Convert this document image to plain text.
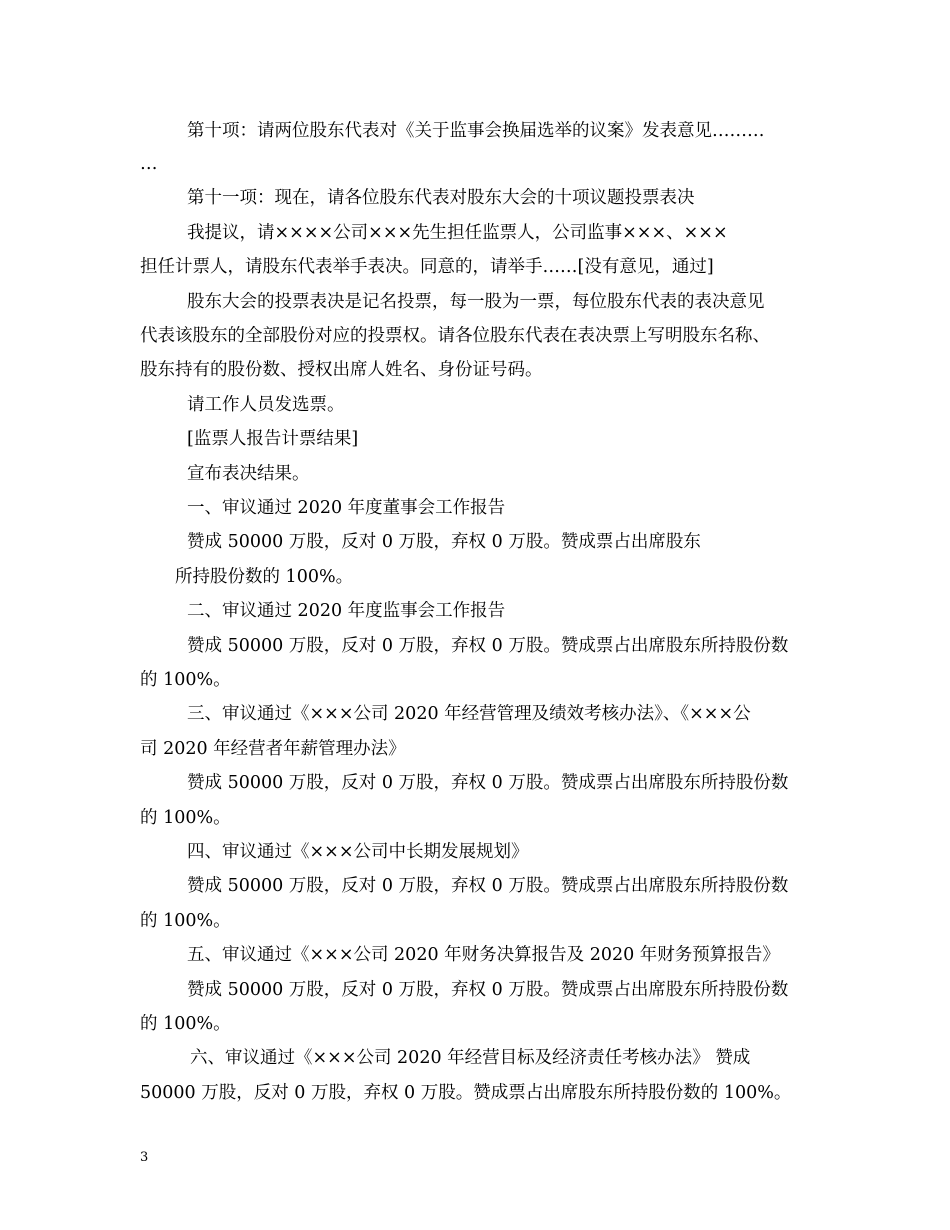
第十项：请两位股东代表对《关于监事会换届选举的议案》发表意见………
…
第十一项：现在，请各位股东代表对股东大会的十项议题投票表决
我提议，请××××公司×××先生担任监票人，公司监事×××、×××
担任计票人，请股东代表举手表决。同意的，请举手……[没有意见，通过]
股东大会的投票表决是记名投票，每一股为一票，每位股东代表的表决意见
代表该股东的全部股份对应的投票权。请各位股东代表在表决票上写明股东名称、
股东持有的股份数、授权出席人姓名、身份证号码。
请工作人员发选票。
[监票人报告计票结果]
宣布表决结果。
一、审议通过 2020 年度董事会工作报告
赞成 50000 万股，反对 0 万股，弃权 0 万股。赞成票占出席股东
所持股份数的 100%。
二、审议通过 2020 年度监事会工作报告
赞成 50000 万股，反对 0 万股，弃权 0 万股。赞成票占出席股东所持股份数
的 100%。
三、审议通过《×××公司 2020 年经营管理及绩效考核办法》、《×××公
司 2020 年经营者年薪管理办法》
赞成 50000 万股，反对 0 万股，弃权 0 万股。赞成票占出席股东所持股份数
的 100%。
四、审议通过《×××公司中长期发展规划》
赞成 50000 万股，反对 0 万股，弃权 0 万股。赞成票占出席股东所持股份数
的 100%。
五、审议通过《×××公司 2020 年财务决算报告及 2020 年财务预算报告》
赞成 50000 万股，反对 0 万股，弃权 0 万股。赞成票占出席股东所持股份数
的 100%。
六、审议通过《×××公司 2020 年经营目标及经济责任考核办法》 赞成
50000 万股，反对 0 万股，弃权 0 万股。赞成票占出席股东所持股份数的 100%。
3
